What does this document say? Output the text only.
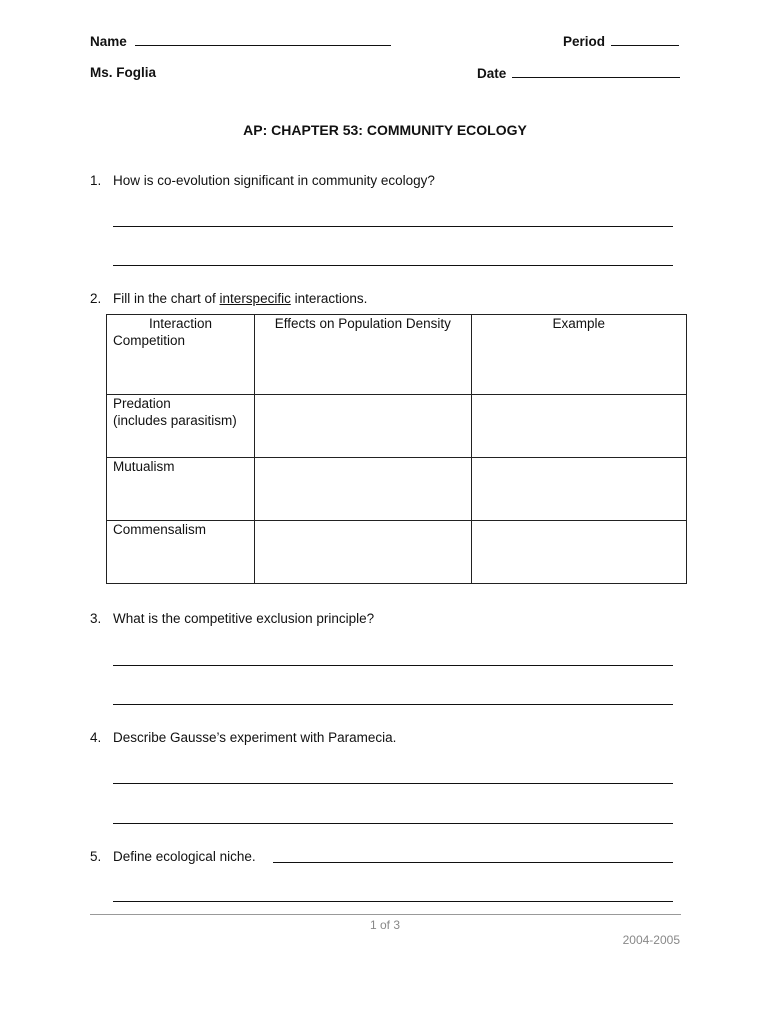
Name	Period
Ms. Foglia	Date
AP: CHAPTER 53: COMMUNITY ECOLOGY
1. How is co-evolution significant in community ecology?
2. Fill in the chart of interspecific interactions.
Interaction	Effects on Population Density	Example

Competition		

Predation
(includes parasitism)		

Mutualism		

Commensalism		

3. What is the competitive exclusion principle?
4. Describe Gausse’s experiment with Paramecia.
5. Define ecological niche.
1 of 3
2004-2005
